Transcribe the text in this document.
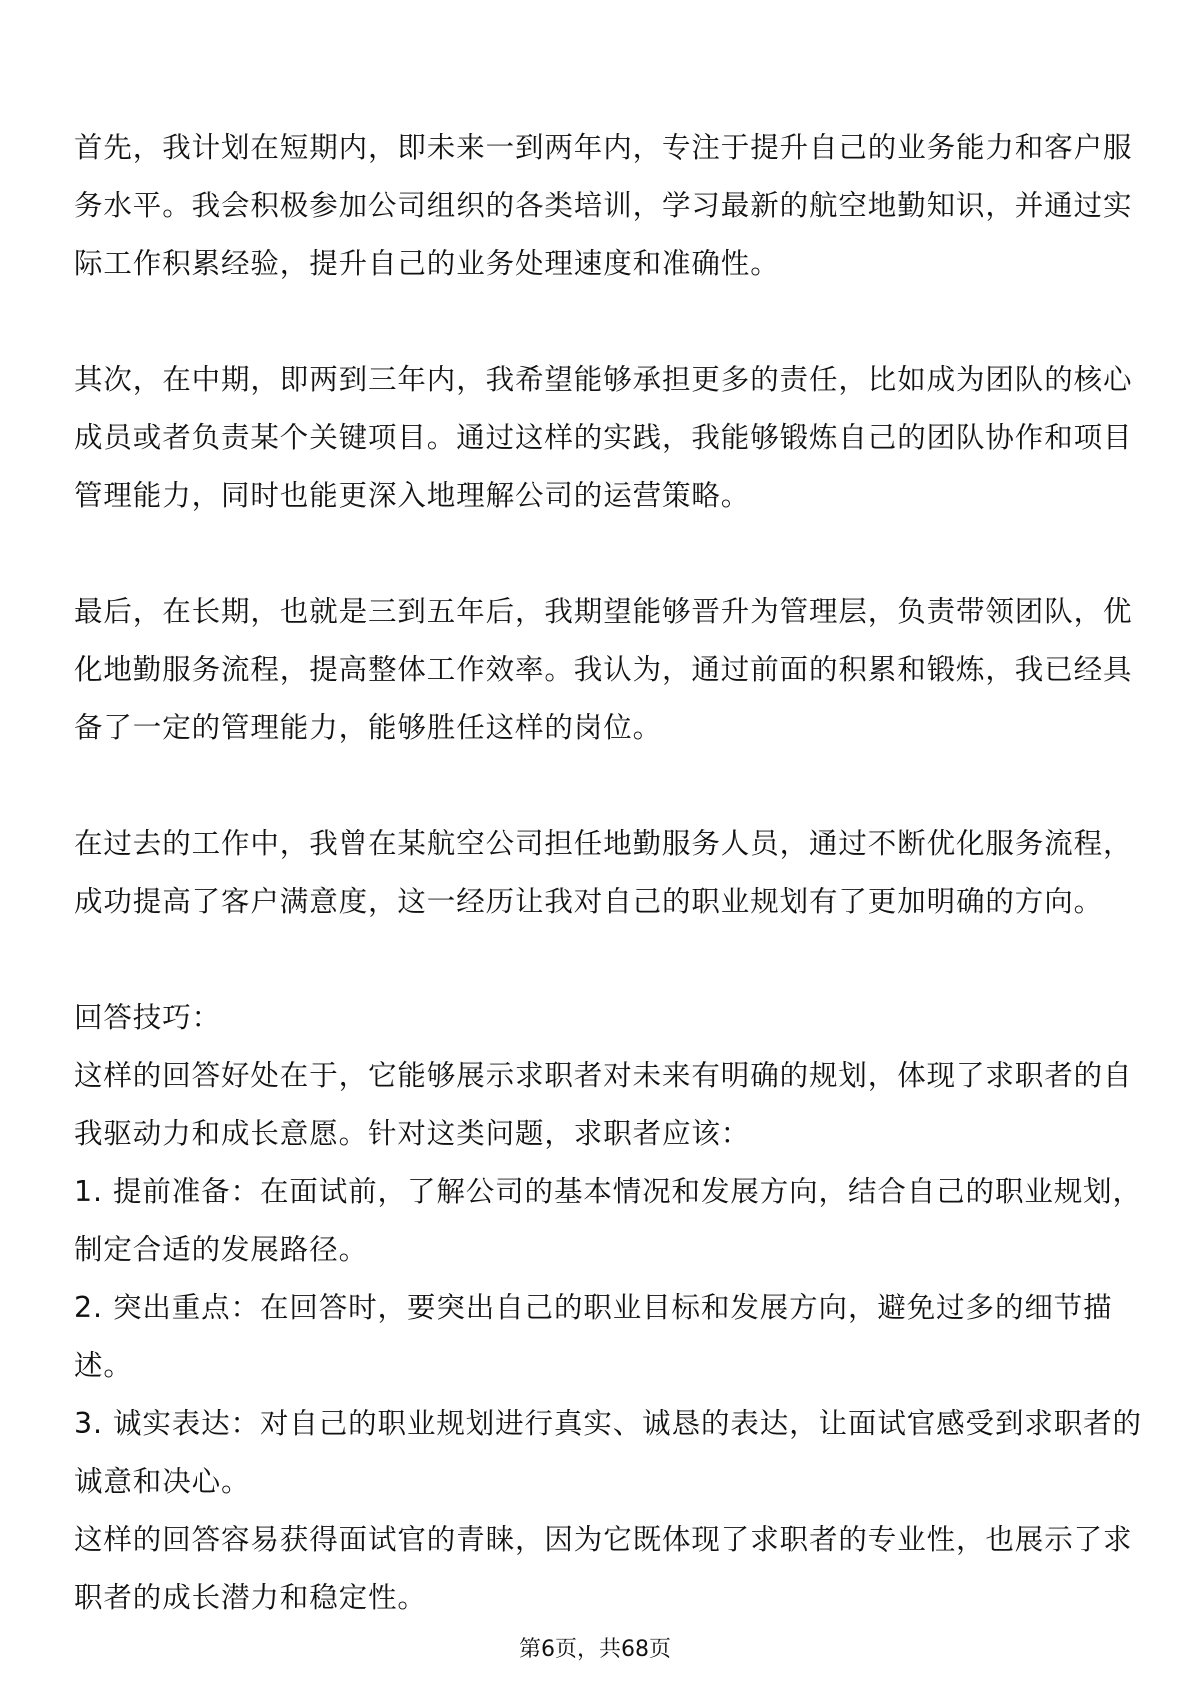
首先，我计划在短期内，即未来一到两年内，专注于提升自己的业务能力和客户服
务水平。我会积极参加公司组织的各类培训，学习最新的航空地勤知识，并通过实
际工作积累经验，提升自己的业务处理速度和准确性。
其次，在中期，即两到三年内，我希望能够承担更多的责任，比如成为团队的核心
成员或者负责某个关键项目。通过这样的实践，我能够锻炼自己的团队协作和项目
管理能力，同时也能更深入地理解公司的运营策略。
最后，在长期，也就是三到五年后，我期望能够晋升为管理层，负责带领团队，优
化地勤服务流程，提高整体工作效率。我认为，通过前面的积累和锻炼，我已经具
备了一定的管理能力，能够胜任这样的岗位。
在过去的工作中，我曾在某航空公司担任地勤服务人员，通过不断优化服务流程，
成功提高了客户满意度，这一经历让我对自己的职业规划有了更加明确的方向。
回答技巧：
这样的回答好处在于，它能够展示求职者对未来有明确的规划，体现了求职者的自
我驱动力和成长意愿。针对这类问题，求职者应该：
1. 提前准备：在面试前，了解公司的基本情况和发展方向，结合自己的职业规划，
制定合适的发展路径。
2. 突出重点：在回答时，要突出自己的职业目标和发展方向，避免过多的细节描
述。
3. 诚实表达：对自己的职业规划进行真实、诚恳的表达，让面试官感受到求职者的
诚意和决心。
这样的回答容易获得面试官的青睐，因为它既体现了求职者的专业性，也展示了求
职者的成长潜力和稳定性。
第6页，共68页
